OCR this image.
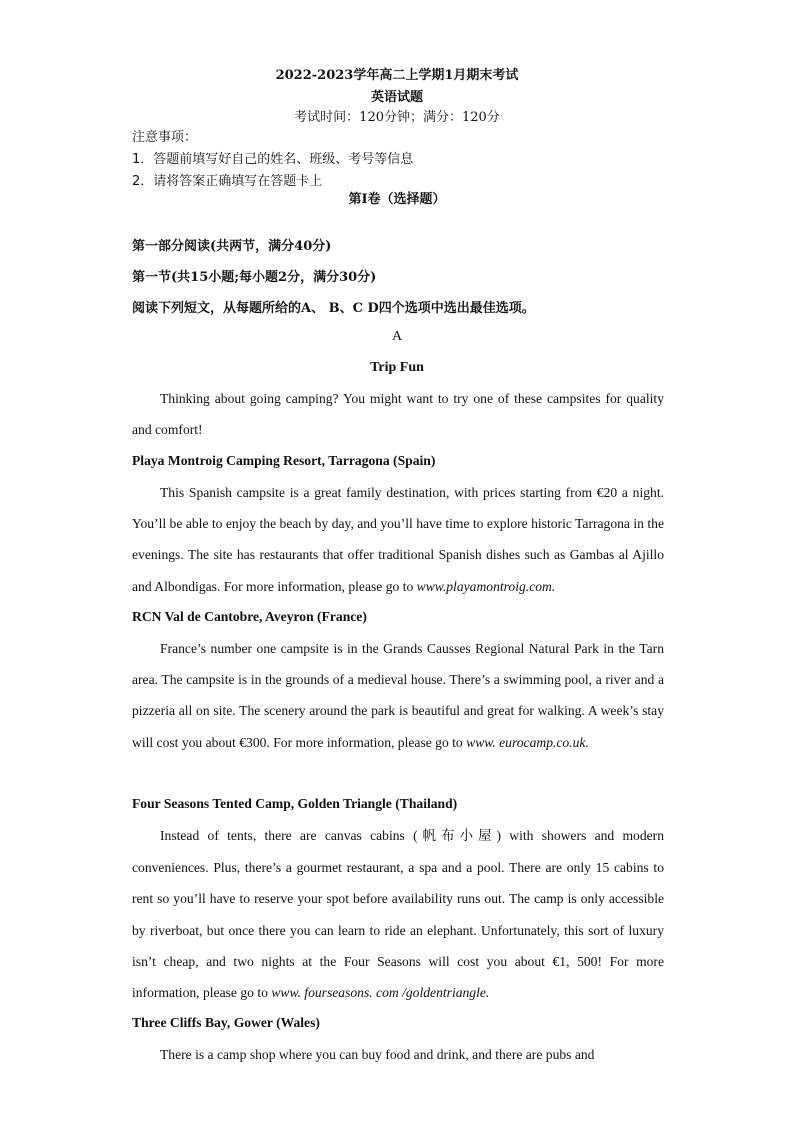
2022-2023学年高二上学期1月期末考试
英语试题
考试时间：120分钟；满分：120分
注意事项：
1．答题前填写好自己的姓名、班级、考号等信息
2．请将答案正确填写在答题卡上
第I卷（选择题）
第一部分阅读(共两节，满分40分)
第一节(共15小题;每小题2分，满分30分)
阅读下列短文，从每题所给的A、 B、C D四个选项中选出最佳选项。
A
Trip Fun
Thinking about going camping? You might want to try one of these campsites for quality and comfort!
Playa Montroig Camping Resort, Tarragona (Spain)
This Spanish campsite is a great family destination, with prices starting from €20 a night. You’ll be able to enjoy the beach by day, and you’ll have time to explore historic Tarragona in the evenings. The site has restaurants that offer traditional Spanish dishes such as Gambas al Ajillo and Albondigas. For more information, please go to www.playamontroig.com.
RCN Val de Cantobre, Aveyron (France)
France’s number one campsite is in the Grands Causses Regional Natural Park in the Tarn area. The campsite is in the grounds of a medieval house. There’s a swimming pool, a river and a pizzeria all on site. The scenery around the park is beautiful and great for walking. A week’s stay will cost you about €300. For more information, please go to www. eurocamp.co.uk.
Four Seasons Tented Camp, Golden Triangle (Thailand)
Instead of tents, there are canvas cabins (帆布小屋) with showers and modern conveniences. Plus, there’s a gourmet restaurant, a spa and a pool. There are only 15 cabins to rent so you’ll have to reserve your spot before availability runs out. The camp is only accessible by riverboat, but once there you can learn to ride an elephant. Unfortunately, this sort of luxury isn’t cheap, and two nights at the Four Seasons will cost you about €1, 500! For more information, please go to www. fourseasons. com /goldentriangle.
Three Cliffs Bay, Gower (Wales)
There is a camp shop where you can buy food and drink, and there are pubs and
